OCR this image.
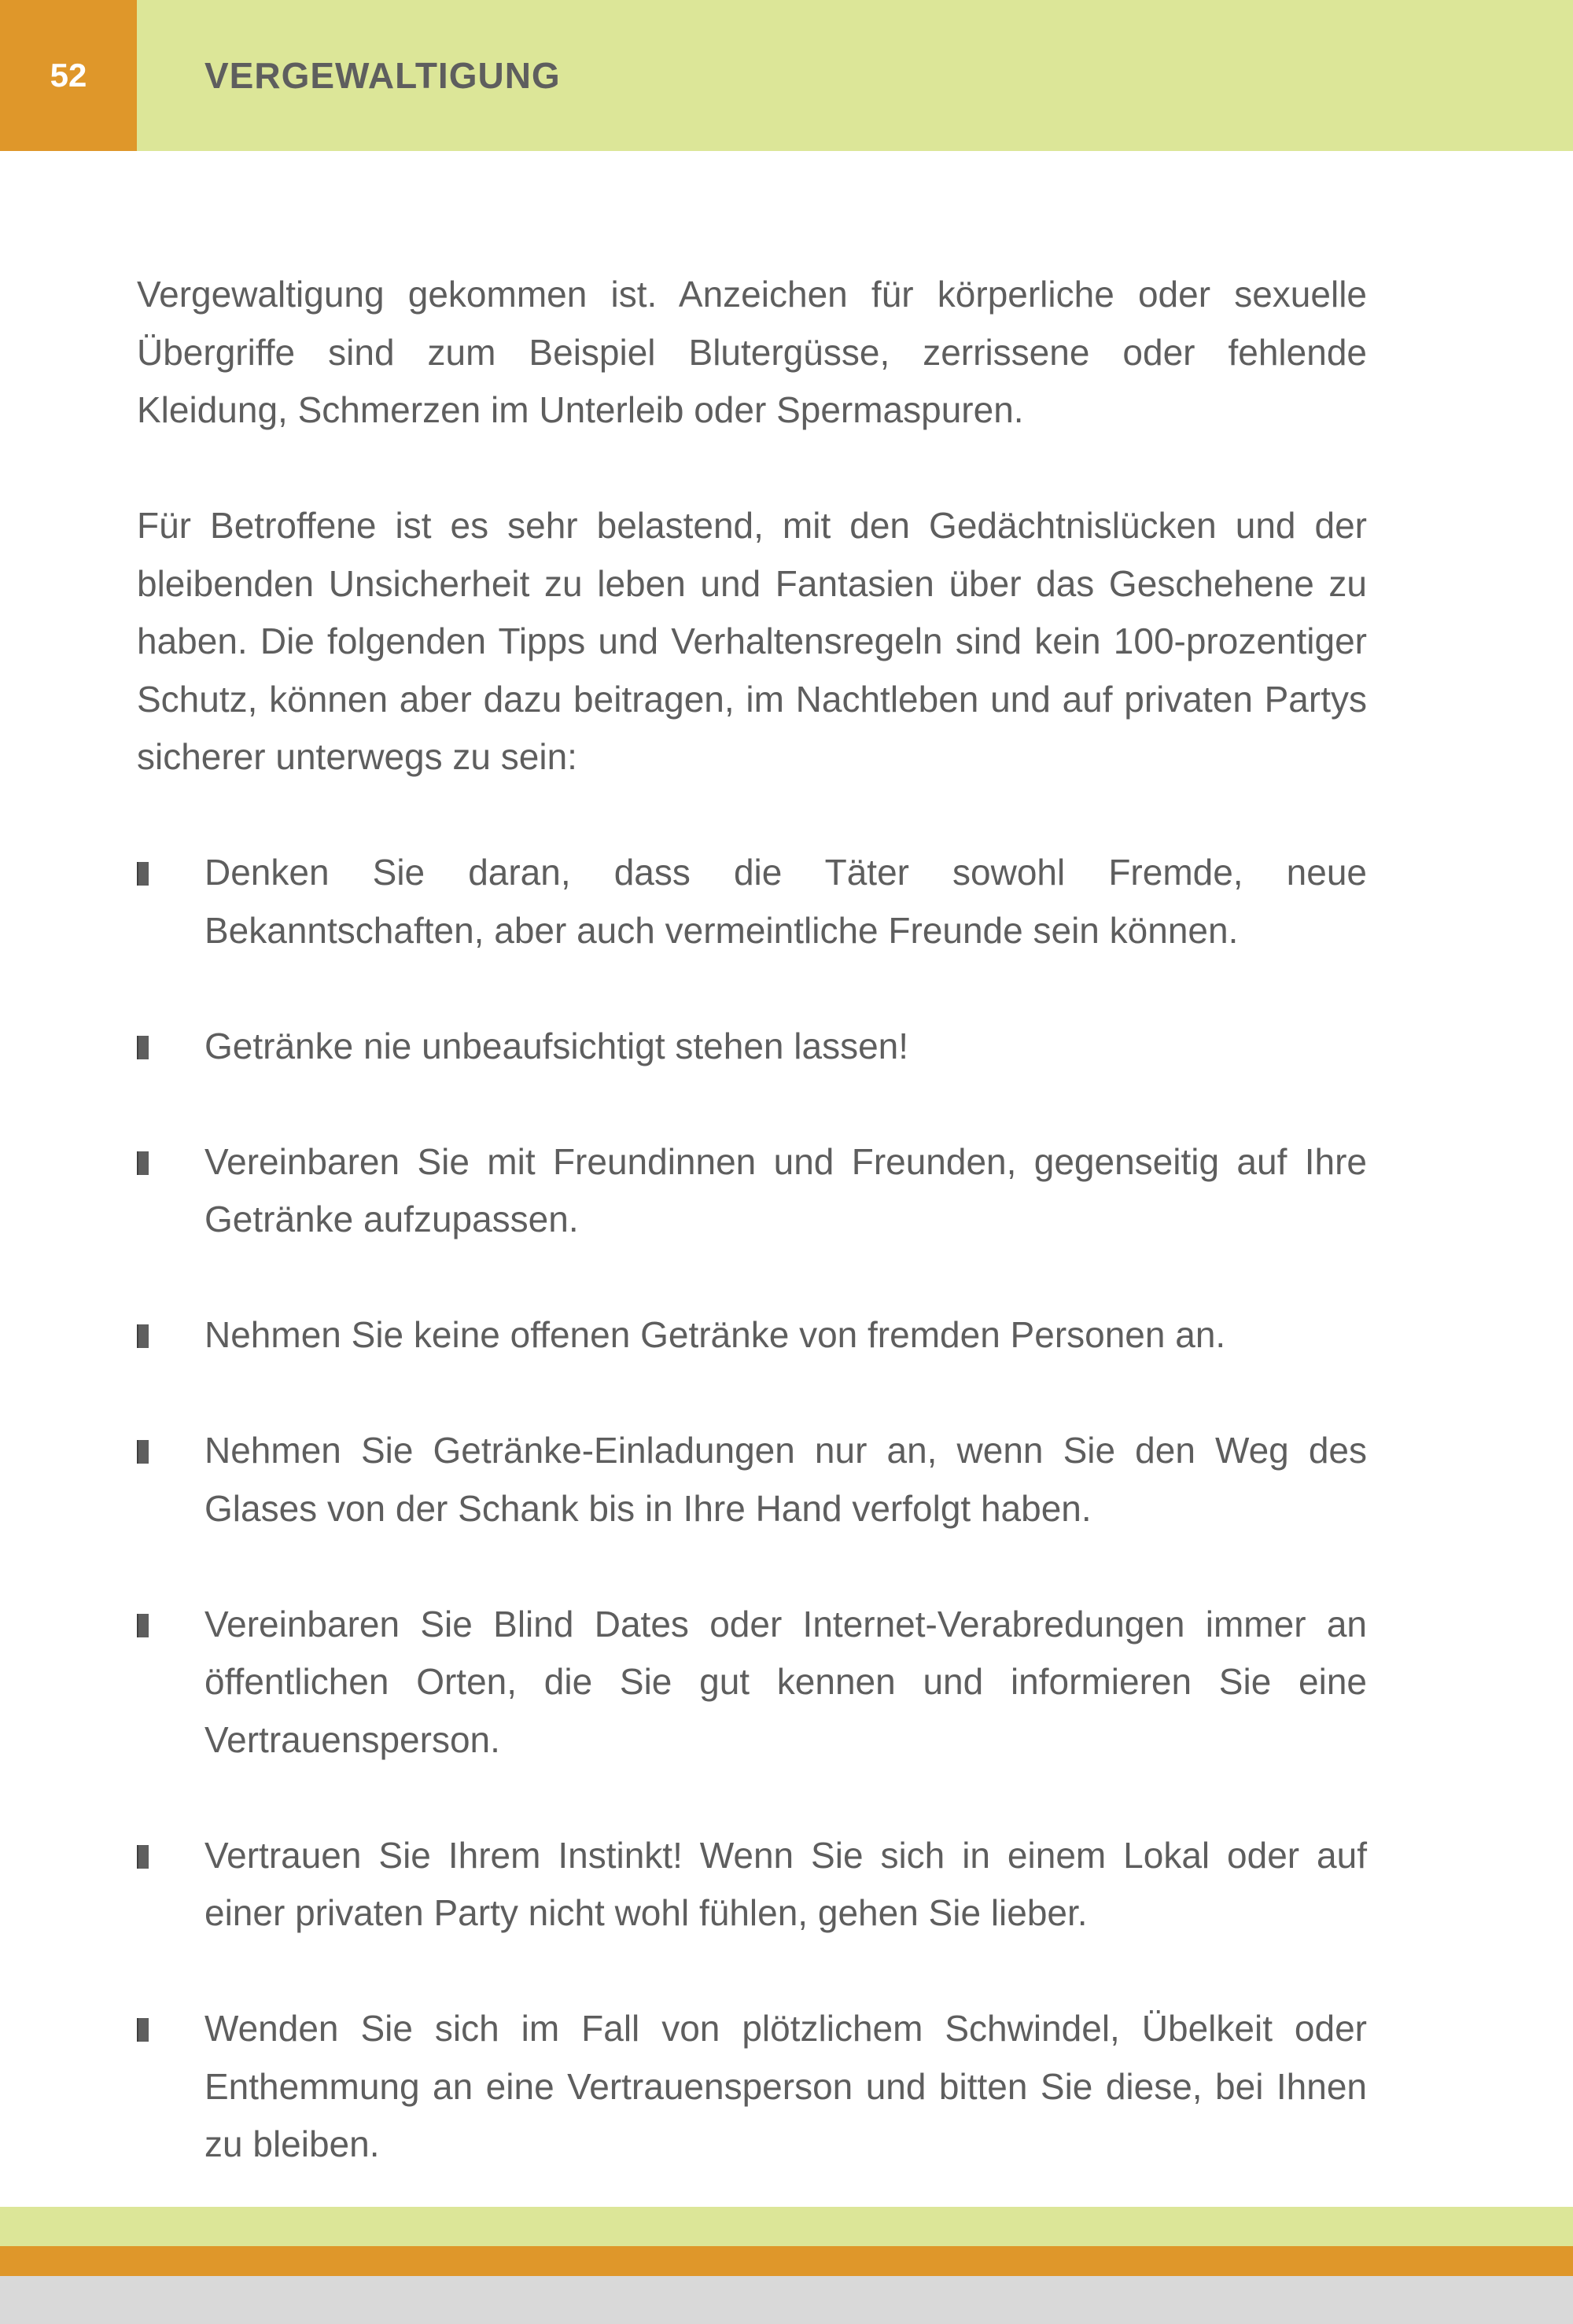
52	VERGEWALTIGUNG

Vergewaltigung gekommen ist. Anzeichen für körperliche oder sexuelle Übergriffe sind zum Beispiel Blutergüsse, zerrissene oder fehlende Kleidung, Schmerzen im Unterleib oder Spermaspuren.

Für Betroffene ist es sehr belastend, mit den Gedächtnislücken und der bleibenden Unsicherheit zu leben und Fantasien über das Geschehene zu haben. Die folgenden Tipps und Verhaltensregeln sind kein 100-prozentiger Schutz, können aber dazu beitragen, im Nachtleben und auf privaten Partys sicherer unterwegs zu sein:

Denken Sie daran, dass die Täter sowohl Fremde, neue Bekanntschaften, aber auch vermeintliche Freunde sein können.
Getränke nie unbeaufsichtigt stehen lassen!
Vereinbaren Sie mit Freundinnen und Freunden, gegenseitig auf Ihre Getränke aufzupassen.
Nehmen Sie keine offenen Getränke von fremden Personen an.
Nehmen Sie Getränke-Einladungen nur an, wenn Sie den Weg des Glases von der Schank bis in Ihre Hand verfolgt haben.
Vereinbaren Sie Blind Dates oder Internet-Verabredungen immer an öffentlichen Orten, die Sie gut kennen und informieren Sie eine Vertrauensperson.
Vertrauen Sie Ihrem Instinkt! Wenn Sie sich in einem Lokal oder auf einer privaten Party nicht wohl fühlen, gehen Sie lieber.
Wenden Sie sich im Fall von plötzlichem Schwindel, Übelkeit oder Enthemmung an eine Vertrauensperson und bitten Sie diese, bei Ihnen zu bleiben.
